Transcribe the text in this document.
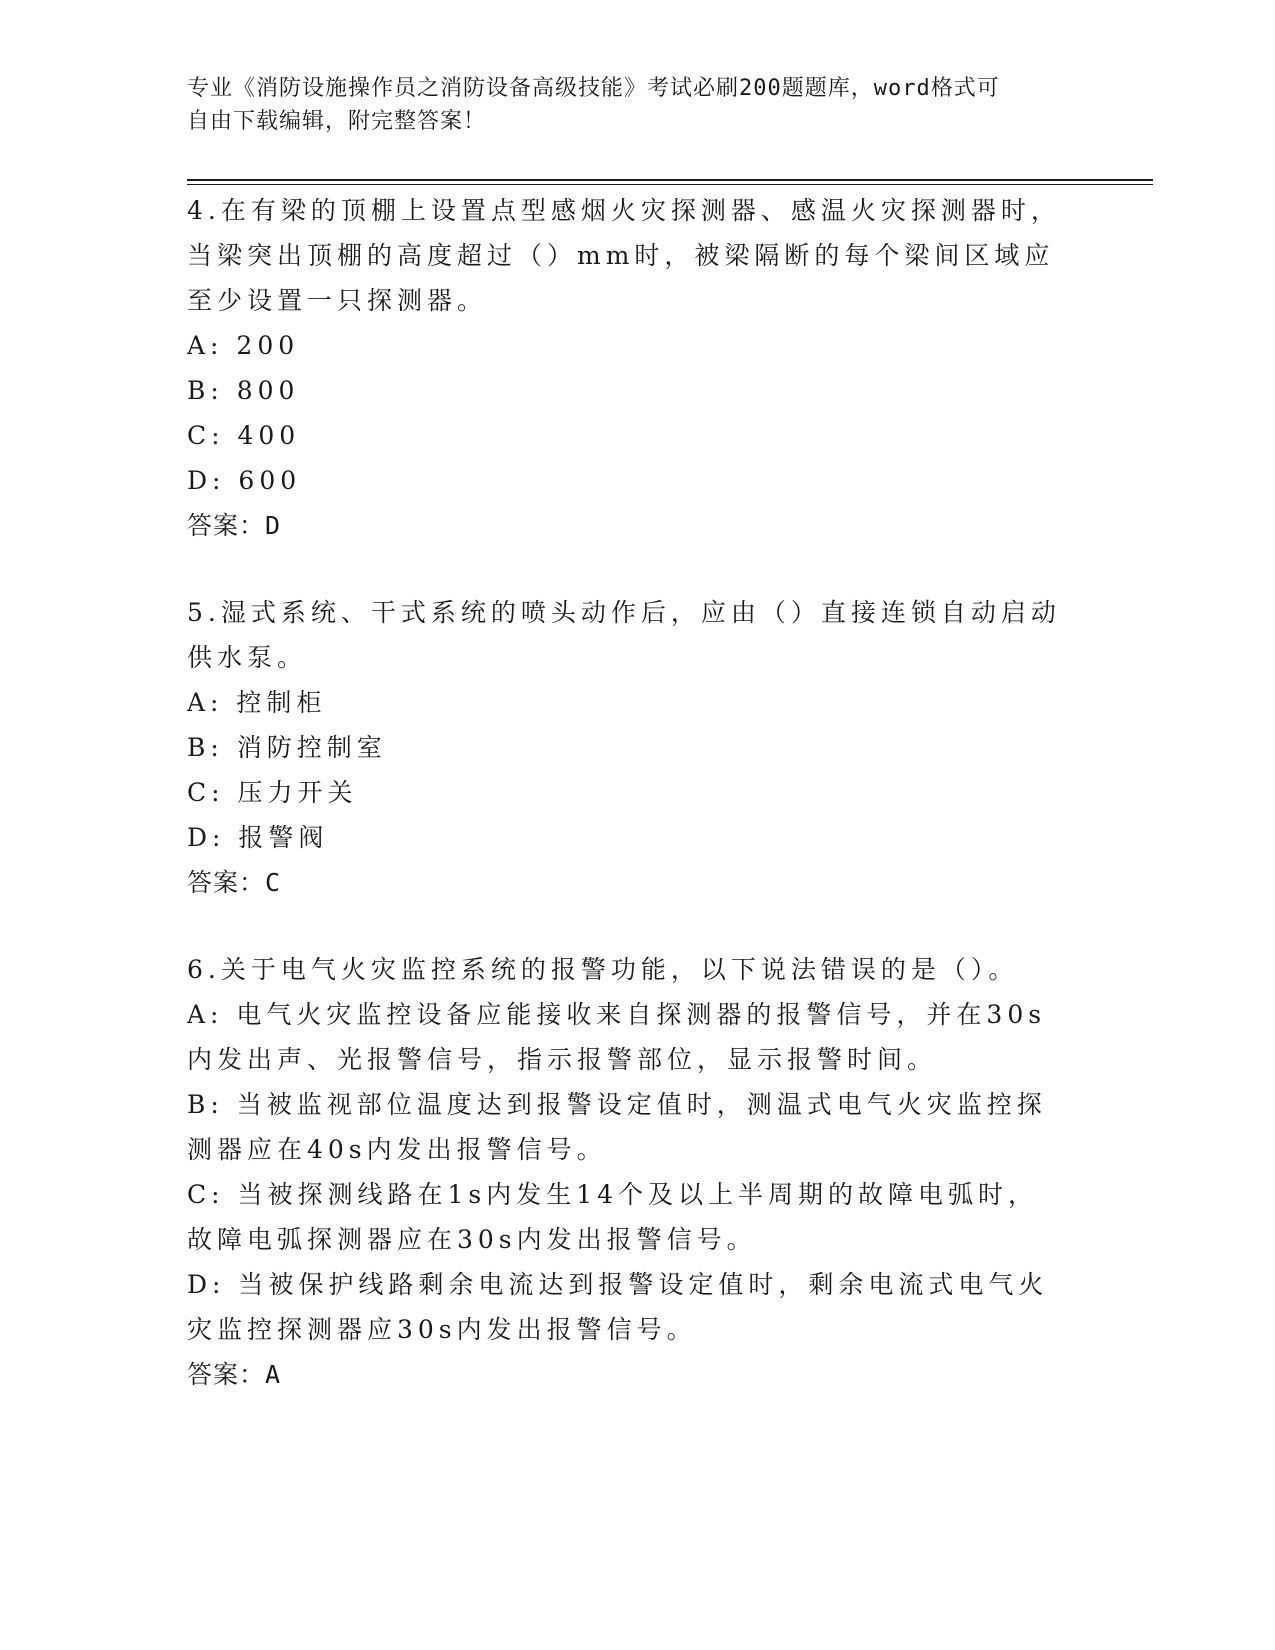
专业《消防设施操作员之消防设备高级技能》考试必刷200题题库，word格式可
自由下载编辑，附完整答案！
4.在有梁的顶棚上设置点型感烟火灾探测器、感温火灾探测器时，当梁突出顶棚的高度超过（）mm时，被梁隔断的每个梁间区域应至少设置一只探测器。
A: 200
B: 800
C: 400
D: 600
答案：D
5.湿式系统、干式系统的喷头动作后，应由（）直接连锁自动启动供水泵。
A: 控制柜
B: 消防控制室
C: 压力开关
D: 报警阀
答案：C
6.关于电气火灾监控系统的报警功能，以下说法错误的是（）。
A: 电气火灾监控设备应能接收来自探测器的报警信号，并在30s内发出声、光报警信号，指示报警部位，显示报警时间。
B: 当被监视部位温度达到报警设定值时，测温式电气火灾监控探测器应在40s内发出报警信号。
C: 当被探测线路在1s内发生14个及以上半周期的故障电弧时，故障电弧探测器应在30s内发出报警信号。
D: 当被保护线路剩余电流达到报警设定值时，剩余电流式电气火灾监控探测器应30s内发出报警信号。
答案：A
